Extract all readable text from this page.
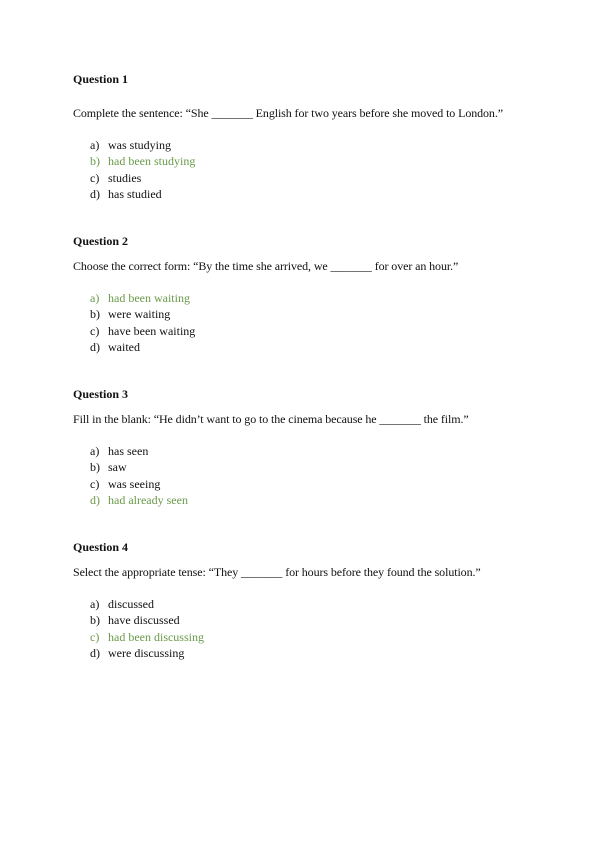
Question 1

Complete the sentence: “She _______ English for two years before she moved to London.”

a) was studying
b) had been studying
c) studies
d) has studied

Question 2

Choose the correct form: “By the time she arrived, we _______ for over an hour.”

a) had been waiting
b) were waiting
c) have been waiting
d) waited

Question 3

Fill in the blank: “He didn’t want to go to the cinema because he _______ the film.”

a) has seen
b) saw
c) was seeing
d) had already seen

Question 4

Select the appropriate tense: “They _______ for hours before they found the solution.”

a) discussed
b) have discussed
c) had been discussing
d) were discussing
